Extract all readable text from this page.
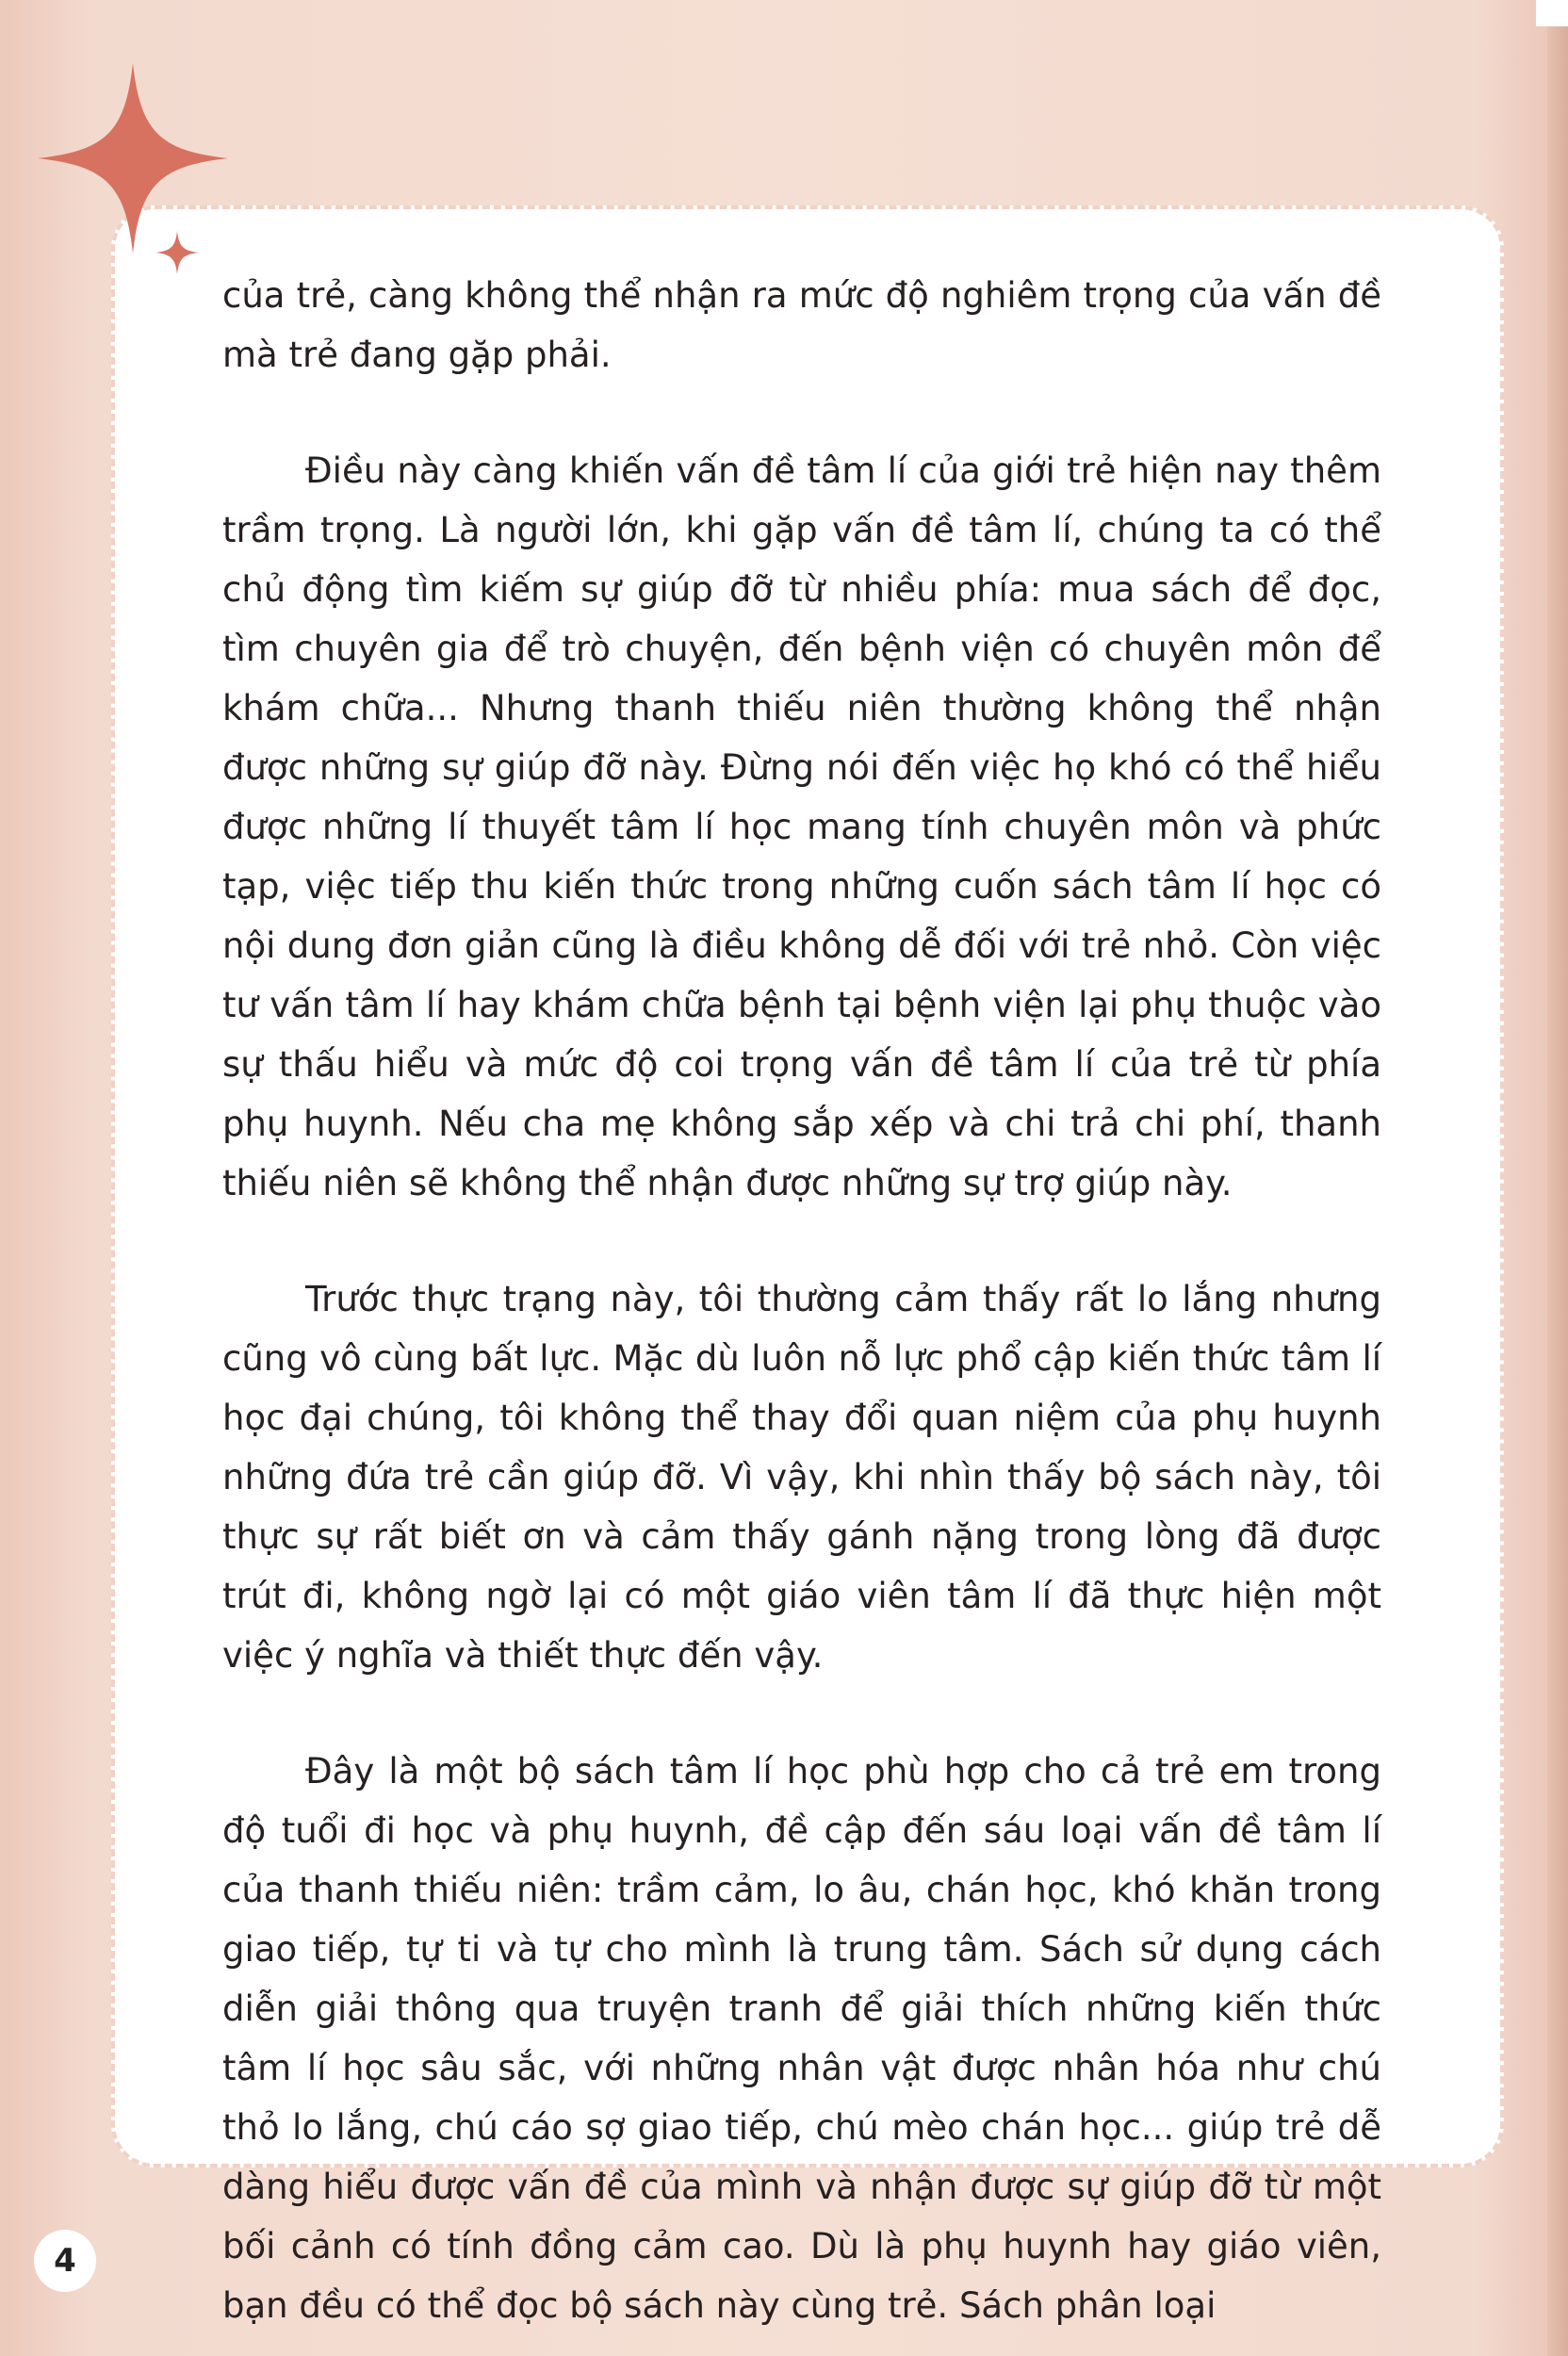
của trẻ, càng không thể nhận ra mức độ nghiêm trọng của vấn đề mà trẻ đang gặp phải.

Điều này càng khiến vấn đề tâm lí của giới trẻ hiện nay thêm trầm trọng. Là người lớn, khi gặp vấn đề tâm lí, chúng ta có thể chủ động tìm kiếm sự giúp đỡ từ nhiều phía: mua sách để đọc, tìm chuyên gia để trò chuyện, đến bệnh viện có chuyên môn để khám chữa... Nhưng thanh thiếu niên thường không thể nhận được những sự giúp đỡ này. Đừng nói đến việc họ khó có thể hiểu được những lí thuyết tâm lí học mang tính chuyên môn và phức tạp, việc tiếp thu kiến thức trong những cuốn sách tâm lí học có nội dung đơn giản cũng là điều không dễ đối với trẻ nhỏ. Còn việc tư vấn tâm lí hay khám chữa bệnh tại bệnh viện lại phụ thuộc vào sự thấu hiểu và mức độ coi trọng vấn đề tâm lí của trẻ từ phía phụ huynh. Nếu cha mẹ không sắp xếp và chi trả chi phí, thanh thiếu niên sẽ không thể nhận được những sự trợ giúp này.

Trước thực trạng này, tôi thường cảm thấy rất lo lắng nhưng cũng vô cùng bất lực. Mặc dù luôn nỗ lực phổ cập kiến thức tâm lí học đại chúng, tôi không thể thay đổi quan niệm của phụ huynh những đứa trẻ cần giúp đỡ. Vì vậy, khi nhìn thấy bộ sách này, tôi thực sự rất biết ơn và cảm thấy gánh nặng trong lòng đã được trút đi, không ngờ lại có một giáo viên tâm lí đã thực hiện một việc ý nghĩa và thiết thực đến vậy.

Đây là một bộ sách tâm lí học phù hợp cho cả trẻ em trong độ tuổi đi học và phụ huynh, đề cập đến sáu loại vấn đề tâm lí của thanh thiếu niên: trầm cảm, lo âu, chán học, khó khăn trong giao tiếp, tự ti và tự cho mình là trung tâm. Sách sử dụng cách diễn giải thông qua truyện tranh để giải thích những kiến thức tâm lí học sâu sắc, với những nhân vật được nhân hóa như chú thỏ lo lắng, chú cáo sợ giao tiếp, chú mèo chán học... giúp trẻ dễ dàng hiểu được vấn đề của mình và nhận được sự giúp đỡ từ một bối cảnh có tính đồng cảm cao. Dù là phụ huynh hay giáo viên, bạn đều có thể đọc bộ sách này cùng trẻ. Sách phân loại

4
